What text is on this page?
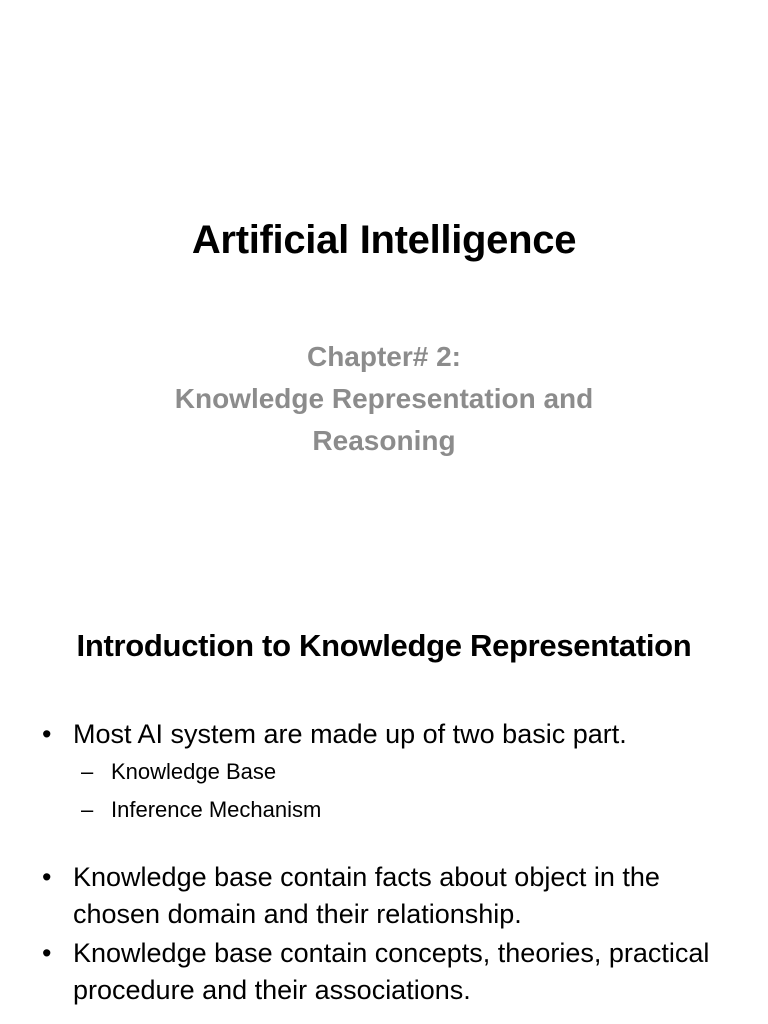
Artificial Intelligence
Chapter# 2:
Knowledge Representation and
Reasoning
Introduction to Knowledge Representation
• Most AI system are made up of two basic part.
– Knowledge Base
– Inference Mechanism
• Knowledge base contain facts about object in the chosen domain and their relationship.
• Knowledge base contain concepts, theories, practical procedure and their associations.
